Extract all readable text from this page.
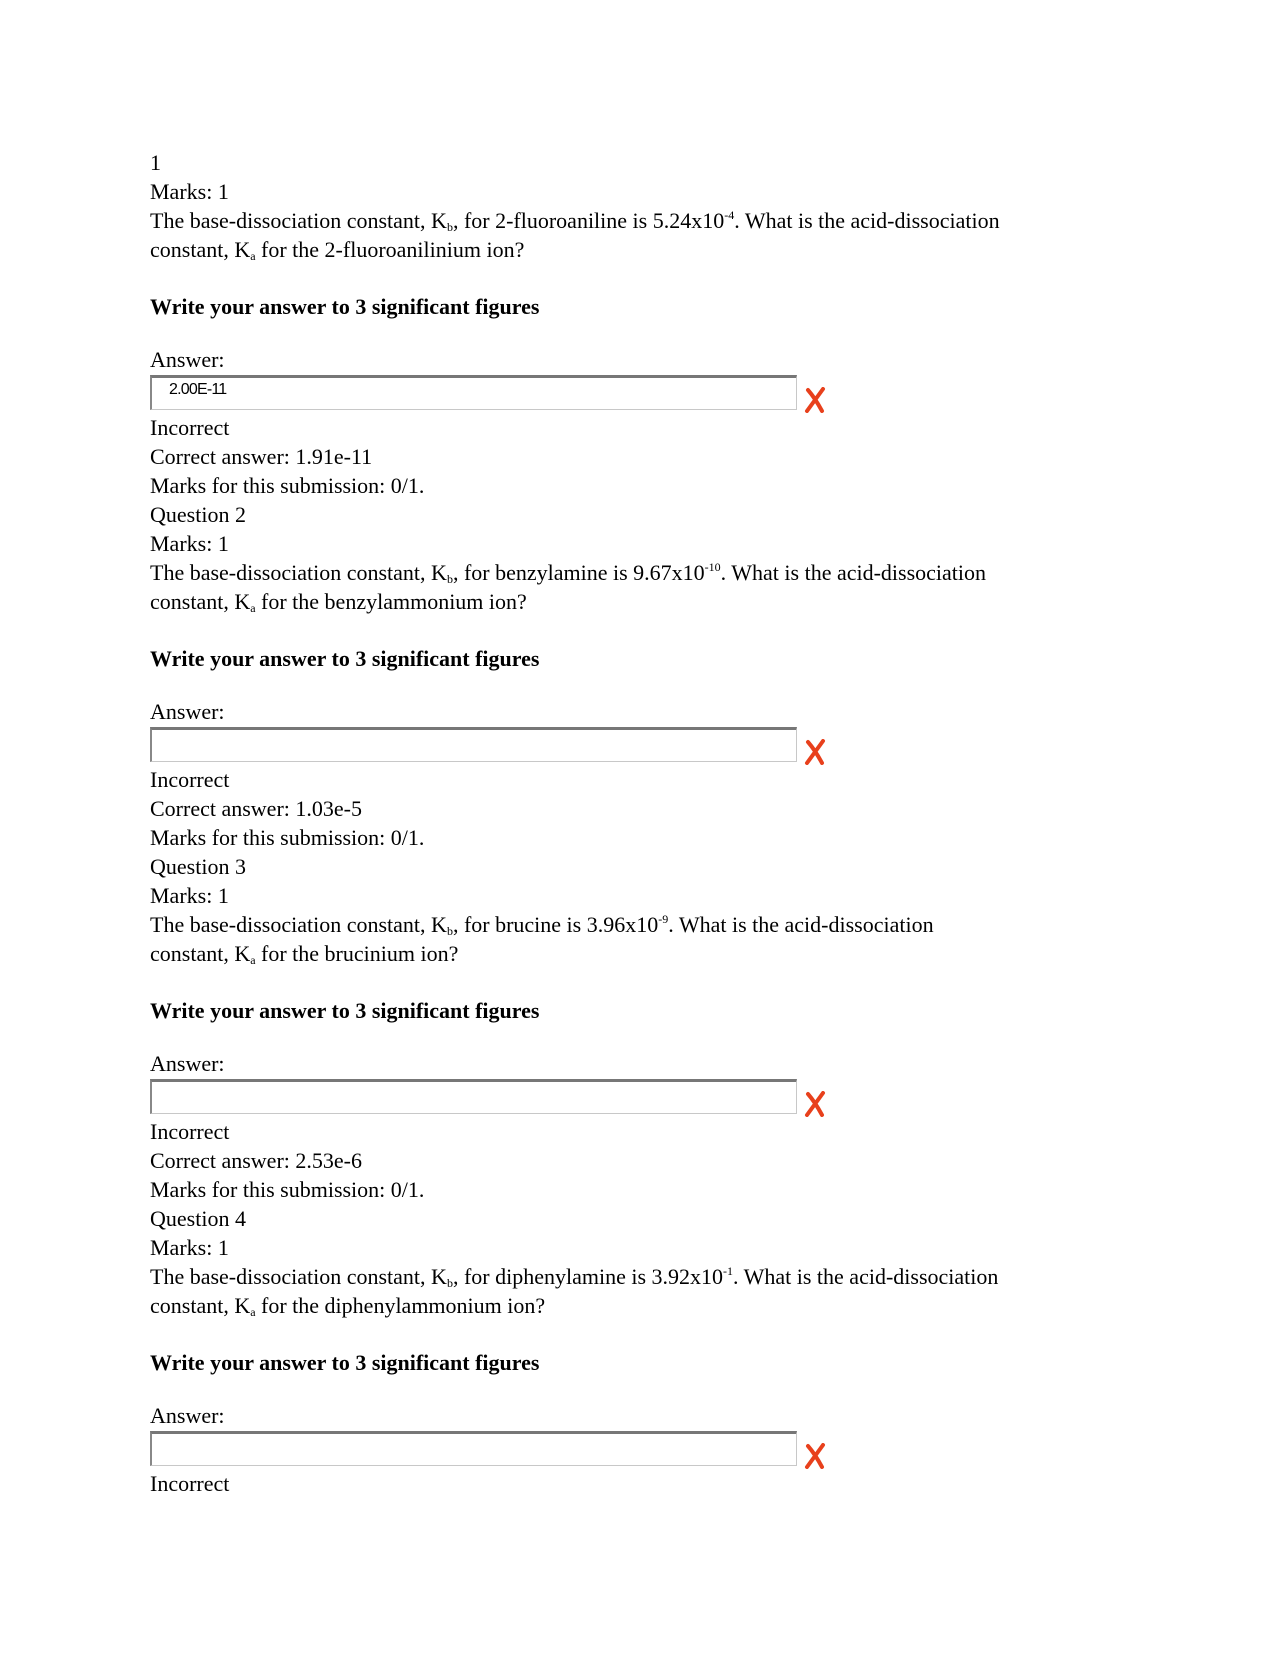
1
Marks: 1
The base-dissociation constant, $K_b$, for 2-fluoroaniline is $5.24x10^{-4}$. What is the acid-dissociation
constant, $K_a$ for the 2-fluoroanilinium ion?
Write your answer to 3 significant figures
Answer:
2.00E-11
Incorrect
Correct answer: 1.91e-11
Marks for this submission: 0/1.
Question 2
Marks: 1
The base-dissociation constant, $K_b$, for benzylamine is $9.67x10^{-10}$. What is the acid-dissociation
constant, $K_a$ for the benzylammonium ion?
Write your answer to 3 significant figures
Answer:
Incorrect
Correct answer: 1.03e-5
Marks for this submission: 0/1.
Question 3
Marks: 1
The base-dissociation constant, $K_b$, for brucine is $3.96x10^{-9}$. What is the acid-dissociation
constant, $K_a$ for the brucinium ion?
Write your answer to 3 significant figures
Answer:
Incorrect
Correct answer: 2.53e-6
Marks for this submission: 0/1.
Question 4
Marks: 1
The base-dissociation constant, $K_b$, for diphenylamine is $3.92x10^{-1}$. What is the acid-dissociation
constant, $K_a$ for the diphenylammonium ion?
Write your answer to 3 significant figures
Answer:
Incorrect
